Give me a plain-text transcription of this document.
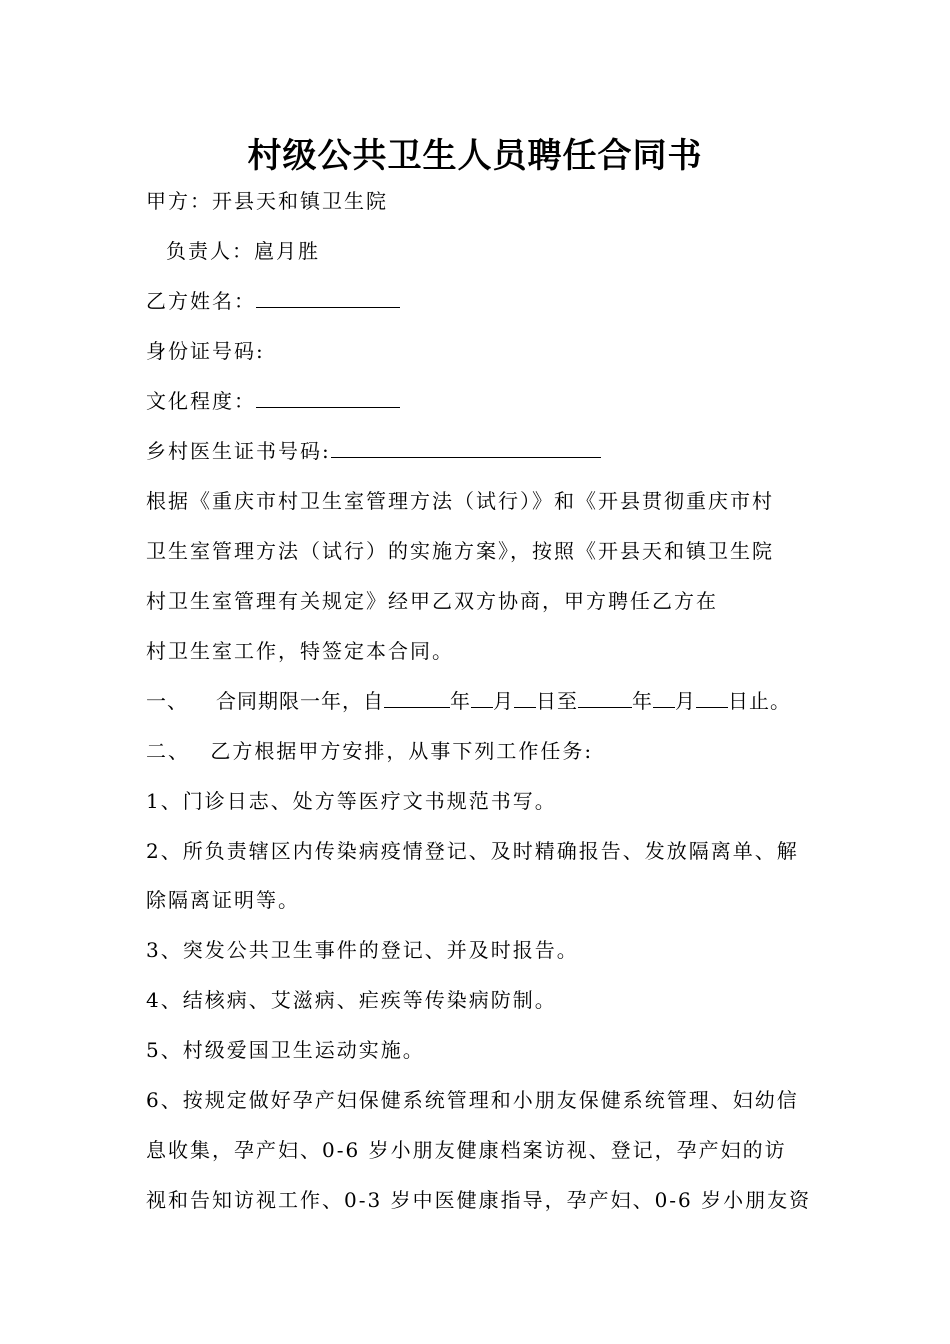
村级公共卫生人员聘任合同书
甲方：开县天和镇卫生院
负责人：扈月胜
乙方姓名：
身份证号码:
文化程度：
乡村医生证书号码:
根据《重庆市村卫生室管理方法（试行）》和《开县贯彻重庆市村
卫生室管理方法（试行）的实施方案》，按照《开县天和镇卫生院
村卫生室管理有关规定》经甲乙双方协商，甲方聘任乙方在
村卫生室工作，特签定本合同。
一、 合同期限一年，自	年 月 日至	年 月 日止。
二、　 乙方根据甲方安排，从事下列工作任务:
1、门诊日志、处方等医疗文书规范书写。
2、所负责辖区内传染病疫情登记、及时精确报告、发放隔离单、解
除隔离证明等。
3、突发公共卫生事件的登记、并及时报告。
4、结核病、艾滋病、疟疾等传染病防制。
5、村级爱国卫生运动实施。
6、按规定做好孕产妇保健系统管理和小朋友保健系统管理、妇幼信
息收集，孕产妇、0-6 岁小朋友健康档案访视、登记，孕产妇的访
视和告知访视工作、0-3 岁中医健康指导，孕产妇、0-6 岁小朋友资
